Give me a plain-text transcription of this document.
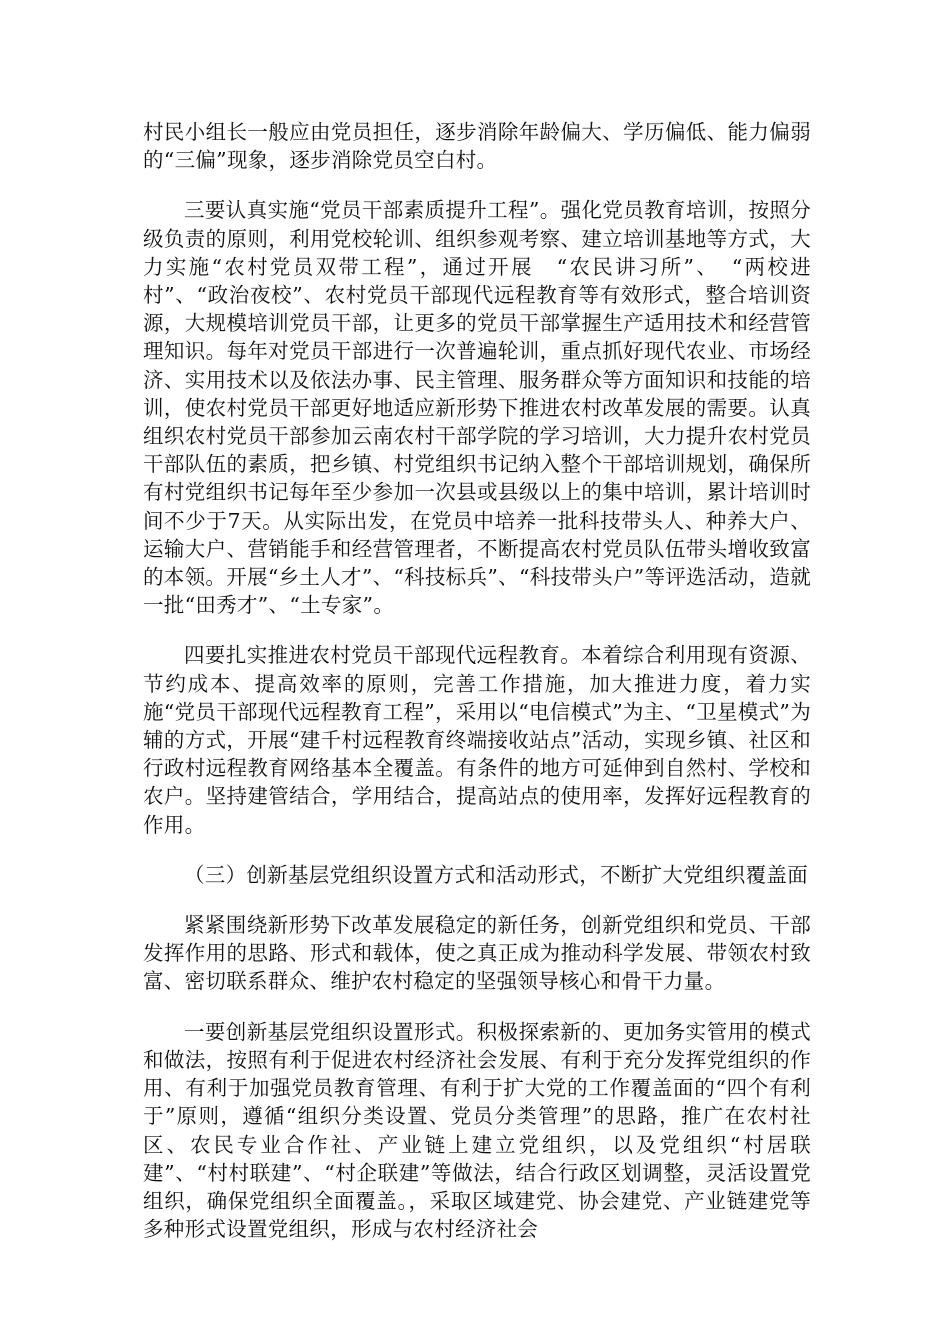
村民小组长一般应由党员担任，逐步消除年龄偏大、学历偏低、能力偏弱的“三偏”现象，逐步消除党员空白村。

三要认真实施“党员干部素质提升工程”。强化党员教育培训，按照分级负责的原则，利用党校轮训、组织参观考察、建立培训基地等方式，大力实施“农村党员双带工程”，通过开展　“农民讲习所”、　“两校进村”、“政治夜校”、农村党员干部现代远程教育等有效形式，整合培训资源，大规模培训党员干部，让更多的党员干部掌握生产适用技术和经营管理知识。每年对党员干部进行一次普遍轮训，重点抓好现代农业、市场经济、实用技术以及依法办事、民主管理、服务群众等方面知识和技能的培训，使农村党员干部更好地适应新形势下推进农村改革发展的需要。认真组织农村党员干部参加云南农村干部学院的学习培训，大力提升农村党员干部队伍的素质，把乡镇、村党组织书记纳入整个干部培训规划，确保所有村党组织书记每年至少参加一次县或县级以上的集中培训，累计培训时间不少于7天。从实际出发，在党员中培养一批科技带头人、种养大户、运输大户、营销能手和经营管理者，不断提高农村党员队伍带头增收致富的本领。开展“乡土人才”、“科技标兵”、“科技带头户”等评选活动，造就一批“田秀才”、“土专家”。

四要扎实推进农村党员干部现代远程教育。本着综合利用现有资源、节约成本、提高效率的原则，完善工作措施，加大推进力度，着力实施“党员干部现代远程教育工程”，采用以“电信模式”为主、“卫星模式”为辅的方式，开展“建千村远程教育终端接收站点”活动，实现乡镇、社区和行政村远程教育网络基本全覆盖。有条件的地方可延伸到自然村、学校和农户。坚持建管结合，学用结合，提高站点的使用率，发挥好远程教育的作用。

（三）创新基层党组织设置方式和活动形式，不断扩大党组织覆盖面

紧紧围绕新形势下改革发展稳定的新任务，创新党组织和党员、干部发挥作用的思路、形式和载体，使之真正成为推动科学发展、带领农村致富、密切联系群众、维护农村稳定的坚强领导核心和骨干力量。

一要创新基层党组织设置形式。积极探索新的、更加务实管用的模式和做法，按照有利于促进农村经济社会发展、有利于充分发挥党组织的作用、有利于加强党员教育管理、有利于扩大党的工作覆盖面的“四个有利于”原则，遵循“组织分类设置、党员分类管理”的思路，推广在农村社区、农民专业合作社、产业链上建立党组织，以及党组织“村居联建”、“村村联建”、“村企联建”等做法，结合行政区划调整，灵活设置党组织，确保党组织全面覆盖。，采取区域建党、协会建党、产业链建党等多种形式设置党组织，形成与农村经济社会
